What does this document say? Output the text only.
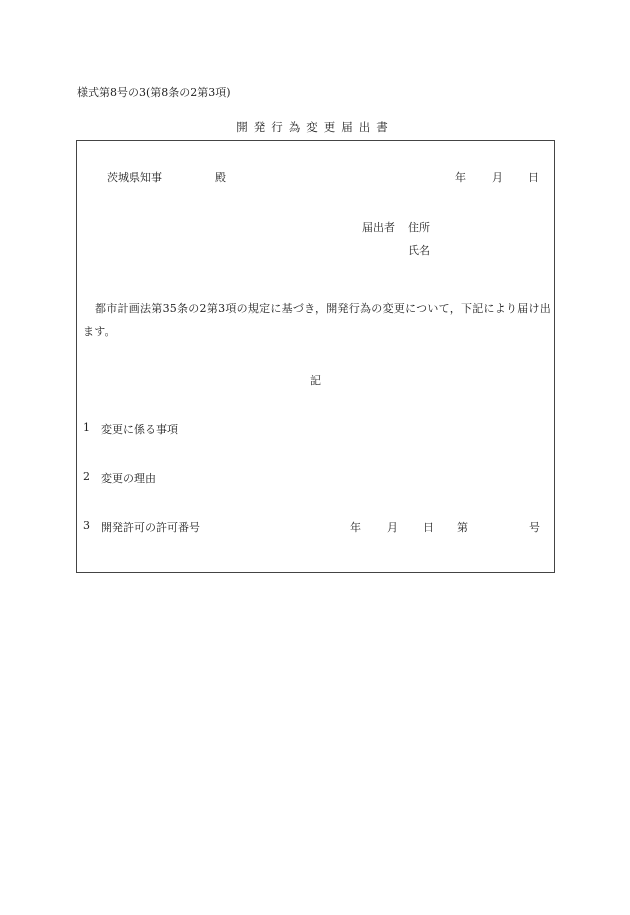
様式第8号の3(第8条の2第3項)
開発行為変更届出書
茨城県知事	殿	年 月 日
届出者 住所
氏名
都市計画法第35条の2第3項の規定に基づき，開発行為の変更について，下記により届け出ます。
記
1 変更に係る事項
2 変更の理由
3 開発許可の許可番号	年 月 日 第	号
